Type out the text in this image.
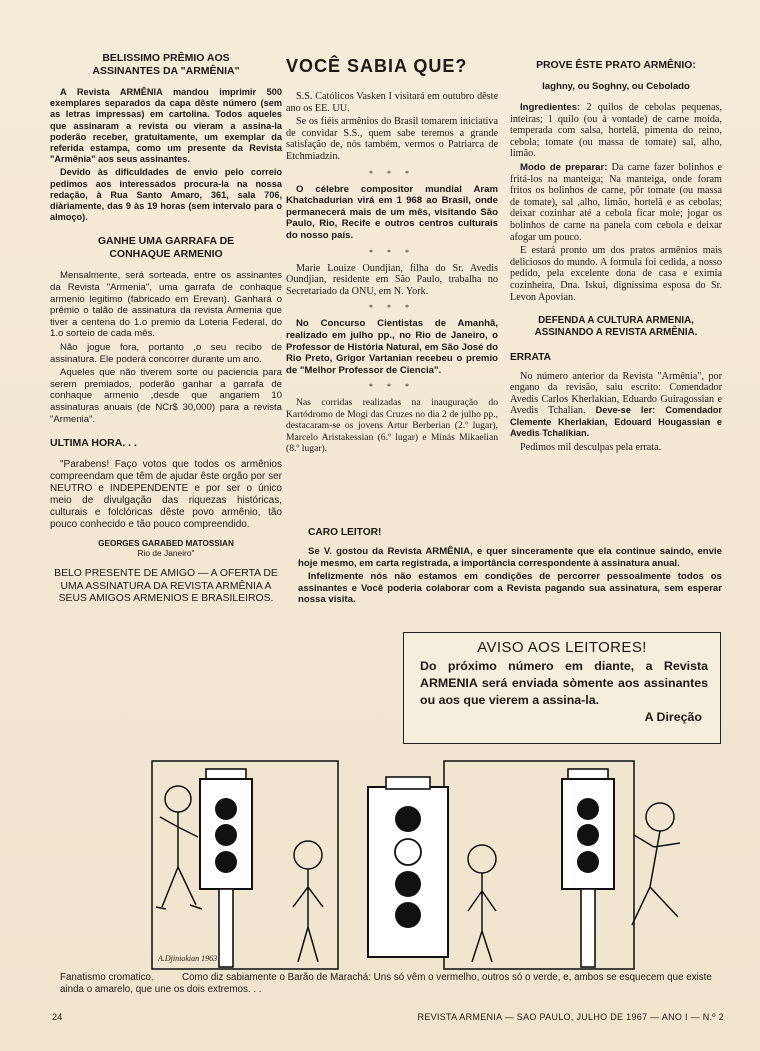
BELISSIMO PRÊMIO AOS ASSINANTES DA "ARMÊNIA"

A Revista ARMÊNIA mandou imprimir 500 exemplares separados da capa dêste número (sem as letras impressas) em cartolina. Todos aqueles que assinaram a revista ou vieram a assina-la poderão receber, gratuitamente, um exemplar da referida estampa, como um presente da Revista "Armênia" aos seus assinantes.

Devido às dificuldades de envio pelo correio pedimos aos interessados procura-la na nossa redação, à Rua Santo Amaro, 361, sala 706, diàriamente, das 9 às 19 horas (sem intervalo para o almoço).

GANHE UMA GARRAFA DE CONHAQUE ARMENIO

Mensalmente, será sorteada, entre os assinantes da Revista "Armenia", uma garrafa de conhaque armenio legitimo (fabricado em Erevan). Ganhará o prêmio o talão de assinatura da revista Armenia que tiver a centena do 1.o premio da Loteria Federal, do 1.o sorteio de cada mês.

Não jogue fora, portanto ,o seu recibo de assinatura. Ele poderá concorrer durante um ano.

Aqueles que não tiverem sorte ou paciencia para serem premiados, poderão ganhar a garrafa de conhaque armenio ,desde que angariem 10 assinaturas anuais (de NCr$ 30,000) para a revista "Armenia".

ULTIMA HORA. . .

"Parabens! Faço votos que todos os armênios compreendam que têm de ajudar êste orgão por ser NEUTRO e INDEPENDENTE e por ser o único meio de divulgação das riquezas históricas, culturais e folclóricas dêste povo armênio, tão pouco conhecido e tão pouco compreendido.

GEORGES GARABED MATOSSIAN
Rio de Janeiro"
BELO PRESENTE DE AMIGO — A OFERTA DE UMA ASSINATURA DA REVISTA ARMÊNIA A SEUS AMIGOS ARMENIOS E BRASILEIROS.
VOCÊ SABIA QUE?

S.S. Católicos Vasken I visitará em outubro dêste ano os EE. UU.

Se os fiéis armênios do Brasil tomarem iniciativa de convidar S.S., quem sabe teremos a grande satisfação de, nós também, vermos o Patriarca de Etchmiadzin.

* * *

O célebre compositor mundial Aram Khatchadurian virá em 1 968 ao Brasil, onde permanecerá mais de um mês, visitando São Paulo, Rio, Recife e outros centros culturais do nosso país.

* * *

Marie Louize Oundjian, filha do Sr. Avedis Oundjian, residente em São Paulo, trabalha no Secretariado da ONU, em N. York.

* * *

No Concurso Cientistas de Amanhã, realizado em julho pp., no Rio de Janeiro, o Professor de História Natural, em São José do Rio Preto, Grigor Vartanian recebeu o premio de "Melhor Professor de Ciencia".

* * *

Nas corridas realizadas na inauguração do Kartódromo de Mogi das Cruzes no dia 2 de julho pp., destacaram-se os jovens Artur Berberian (2.º lugar), Marcelo Aristakessian (6.º lugar) e Minás Mikaelian (8.º lugar).

PROVE ÊSTE PRATO ARMÊNIO:
Iaghny, ou Soghny, ou Cebolado

Ingredientes: 2 quilos de cebolas pequenas, inteiras; 1 quilo (ou à vontade) de carne moída, temperada com salsa, hortelã, pimenta do reino, cebola; tomate (ou massa de tomate) sal, alho, limão.

Modo de preparar: Da carne fazer bolinhos e fritá-los na manteiga; Na manteiga, onde foram fritos os bolinhos de carne, pôr tomate (ou massa de tomate), sal ,alho, limão, hortelã e as cebolas; deixar cozinhar até a cebola ficar mole; jogar os bolinhos de carne na panela com cebola e deixar afogar um pouco.

E estará pronto um dos pratos armênios mais deliciosos do mundo. A formula foi cedida, a nosso pedido, pela excelente dona de casa e eximia cozinheira, Dna. Iskui, digníssima esposa do Sr. Levon Apovian.

DEFENDA A CULTURA ARMENIA, ASSINANDO A REVISTA ARMÊNIA.
ERRATA

No número anterior da Revista "Armênia", por engano da revisão, saiu escrito: Comendador Avedis Carlos Kherlakian, Eduardo Guiragossian e Avedis Tchalian. Deve-se ler: Comendador Clemente Kherlakian, Edouard Hougassian e Avedis Tchalikian.

Pedimos mil desculpas pela errata.

CARO LEITOR!

Se V. gostou da Revista ARMÊNIA, e quer sinceramente que ela continue saindo, envie hoje mesmo, em carta registrada, a importância correspondente à assinatura anual.

Infelizmente nós não estamos em condições de percorrer pessoalmente todos os assinantes e Você poderia colaborar com a Revista pagando sua assinatura, sem esperar nossa visita.

AVISO AOS LEITORES!
Do próximo número em diante, a Revista ARMENIA será enviada sòmente aos assinantes ou aos que vierem a assina-la.
A Direção
A.Djiniokian 1963
Fanatismo cromatico.	Como diz sabiamente o Barão de Marachá: Uns só vêm o vermelho, outros só o verde, e, ambos se esquecem que existe ainda o amarelo, que une os dois extremos. . .
24	REVISTA ARMENIA — SAO PAULO, JULHO DE 1967 — ANO I — N.º 2
